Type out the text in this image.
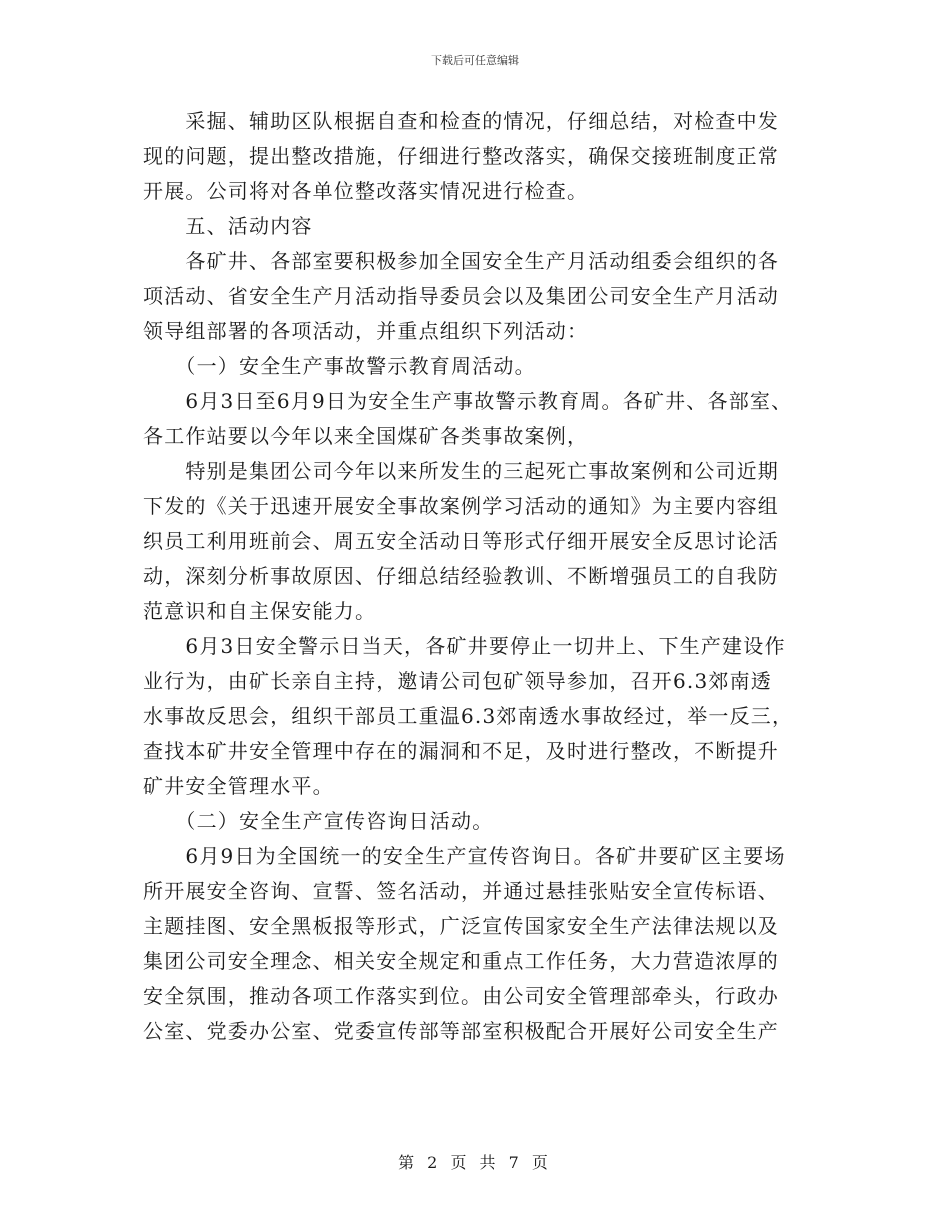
下载后可任意编辑
　　采掘、辅助区队根据自查和检查的情况，仔细总结，对检查中发
现的问题，提出整改措施，仔细进行整改落实，确保交接班制度正常
开展。公司将对各单位整改落实情况进行检查。
　　五、活动内容
　　各矿井、各部室要积极参加全国安全生产月活动组委会组织的各
项活动、省安全生产月活动指导委员会以及集团公司安全生产月活动
领导组部署的各项活动，并重点组织下列活动：
　　（一）安全生产事故警示教育周活动。
　　6月3日至6月9日为安全生产事故警示教育周。各矿井、各部室、
各工作站要以今年以来全国煤矿各类事故案例，
　　特别是集团公司今年以来所发生的三起死亡事故案例和公司近期
下发的《关于迅速开展安全事故案例学习活动的通知》为主要内容组
织员工利用班前会、周五安全活动日等形式仔细开展安全反思讨论活
动，深刻分析事故原因、仔细总结经验教训、不断增强员工的自我防
范意识和自主保安能力。
　　6月3日安全警示日当天，各矿井要停止一切井上、下生产建设作
业行为，由矿长亲自主持，邀请公司包矿领导参加，召开6.3郊南透
水事故反思会，组织干部员工重温6.3郊南透水事故经过，举一反三，
查找本矿井安全管理中存在的漏洞和不足，及时进行整改，不断提升
矿井安全管理水平。
　　（二）安全生产宣传咨询日活动。
　　6月9日为全国统一的安全生产宣传咨询日。各矿井要矿区主要场
所开展安全咨询、宣誓、签名活动，并通过悬挂张贴安全宣传标语、
主题挂图、安全黑板报等形式，广泛宣传国家安全生产法律法规以及
集团公司安全理念、相关安全规定和重点工作任务，大力营造浓厚的
安全氛围，推动各项工作落实到位。由公司安全管理部牵头，行政办
公室、党委办公室、党委宣传部等部室积极配合开展好公司安全生产
第 2 页 共 7 页
